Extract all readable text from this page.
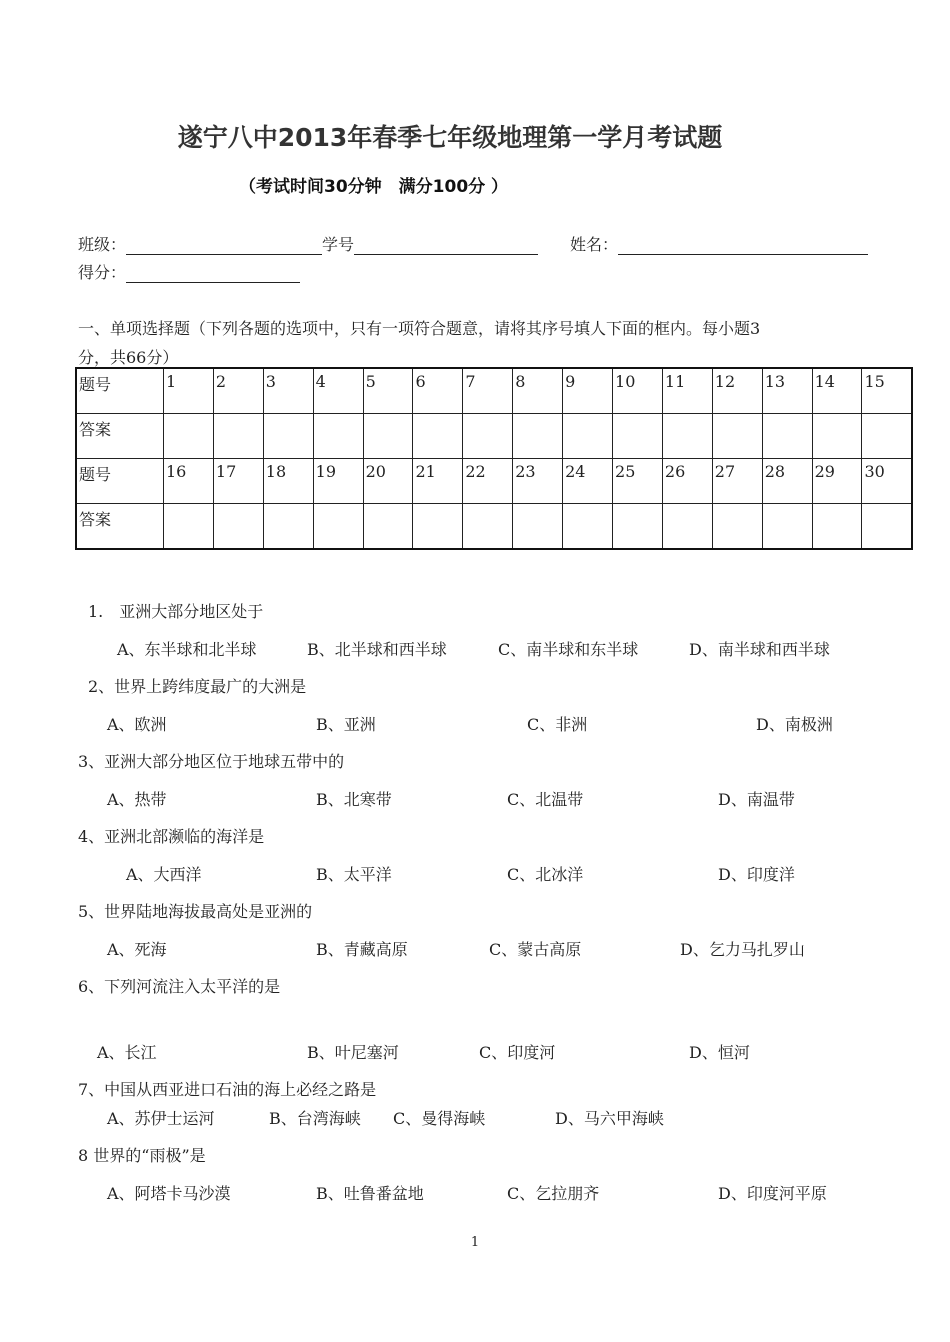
遂宁八中2013年春季七年级地理第一学月考试题
（考试时间30分钟　满分100分 ）
班级：	学号	姓名：
得分：
一、单项选择题（下列各题的选项中，只有一项符合题意，请将其序号填人下面的框内。每小题3
分，共66分）
题号	1	2	3	4	5	6	7	8	9	10	11	12	13	14	15
答案															
题号	16	17	18	19	20	21	22	23	24	25	26	27	28	29	30
答案															
1.　亚洲大部分地区处于
A、东半球和北半球	B、北半球和西半球	C、南半球和东半球	D、南半球和西半球
2、世界上跨纬度最广的大洲是
A、欧洲	B、亚洲	C、非洲	D、南极洲
3、亚洲大部分地区位于地球五带中的
A、热带	B、北寒带	C、北温带	D、南温带
4、亚洲北部濒临的海洋是
A、大西洋	B、太平洋	C、北冰洋	D、印度洋
5、世界陆地海拔最高处是亚洲的
A、死海	B、青藏高原	C、蒙古高原	D、乞力马扎罗山
6、下列河流注入太平洋的是
A、长江	B、叶尼塞河	C、印度河	D、恒河
7、中国从西亚进口石油的海上必经之路是
A、苏伊士运河	B、台湾海峡 C、曼得海峡	D、马六甲海峡
8 世界的“雨极”是
A、阿塔卡马沙漠	B、吐鲁番盆地	C、乞拉朋齐	D、印度河平原
1
